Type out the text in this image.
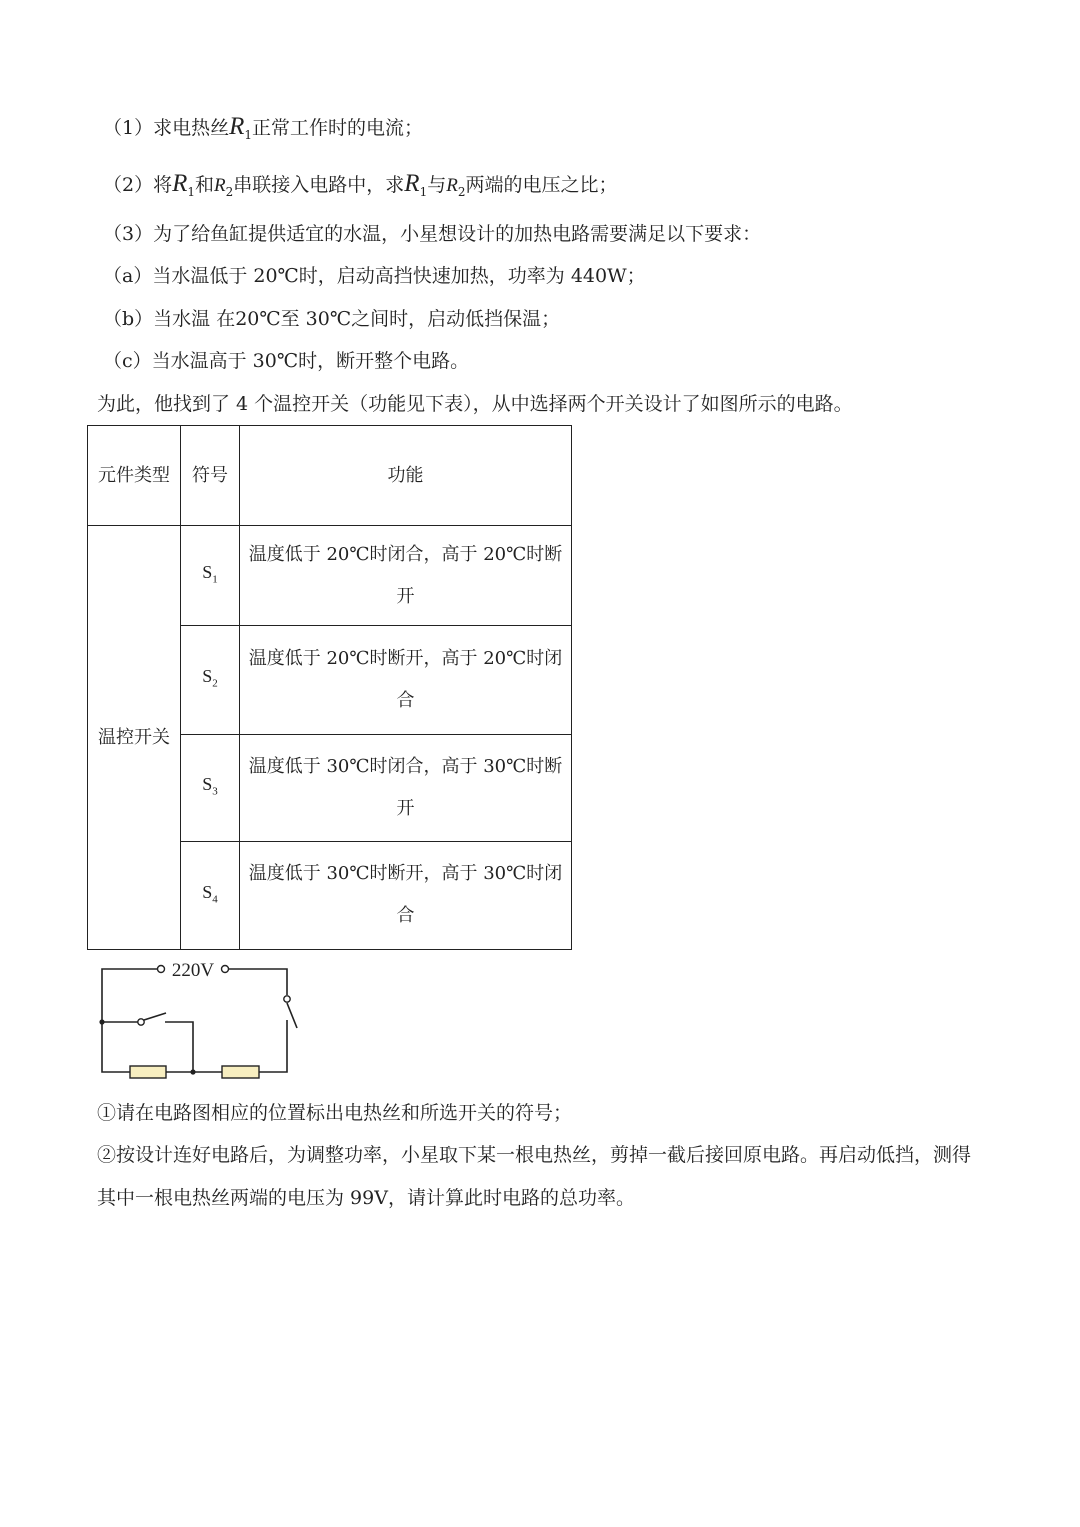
（1）求电热丝$R_1$正常工作时的电流；
（2）将$R_1$和$R_2$串联接入电路中，求$R_1$与$R_2$两端的电压之比；
（3）为了给鱼缸提供适宜的水温，小星想设计的加热电路需要满足以下要求：
（a）当水温低于 20℃时，启动高挡快速加热，功率为 440W；
（b）当水温 在20℃至 30℃之间时，启动低挡保温；
（c）当水温高于 30℃时，断开整个电路。
为此，他找到了 4 个温控开关（功能见下表），从中选择两个开关设计了如图所示的电路。
元件类型	符号	功能
温控开关	$S_1$	温度低于 20℃时闭合，高于 20℃时断开
	$S_2$	温度低于 20℃时断开，高于 20℃时闭合
	$S_3$	温度低于 30℃时闭合，高于 30℃时断开
	$S_4$	温度低于 30℃时断开，高于 30℃时闭合
220V
①请在电路图相应的位置标出电热丝和所选开关的符号；
②按设计连好电路后，为调整功率，小星取下某一根电热丝，剪掉一截后接回原电路。再启动低挡，测得
其中一根电热丝两端的电压为 99V，请计算此时电路的总功率。
